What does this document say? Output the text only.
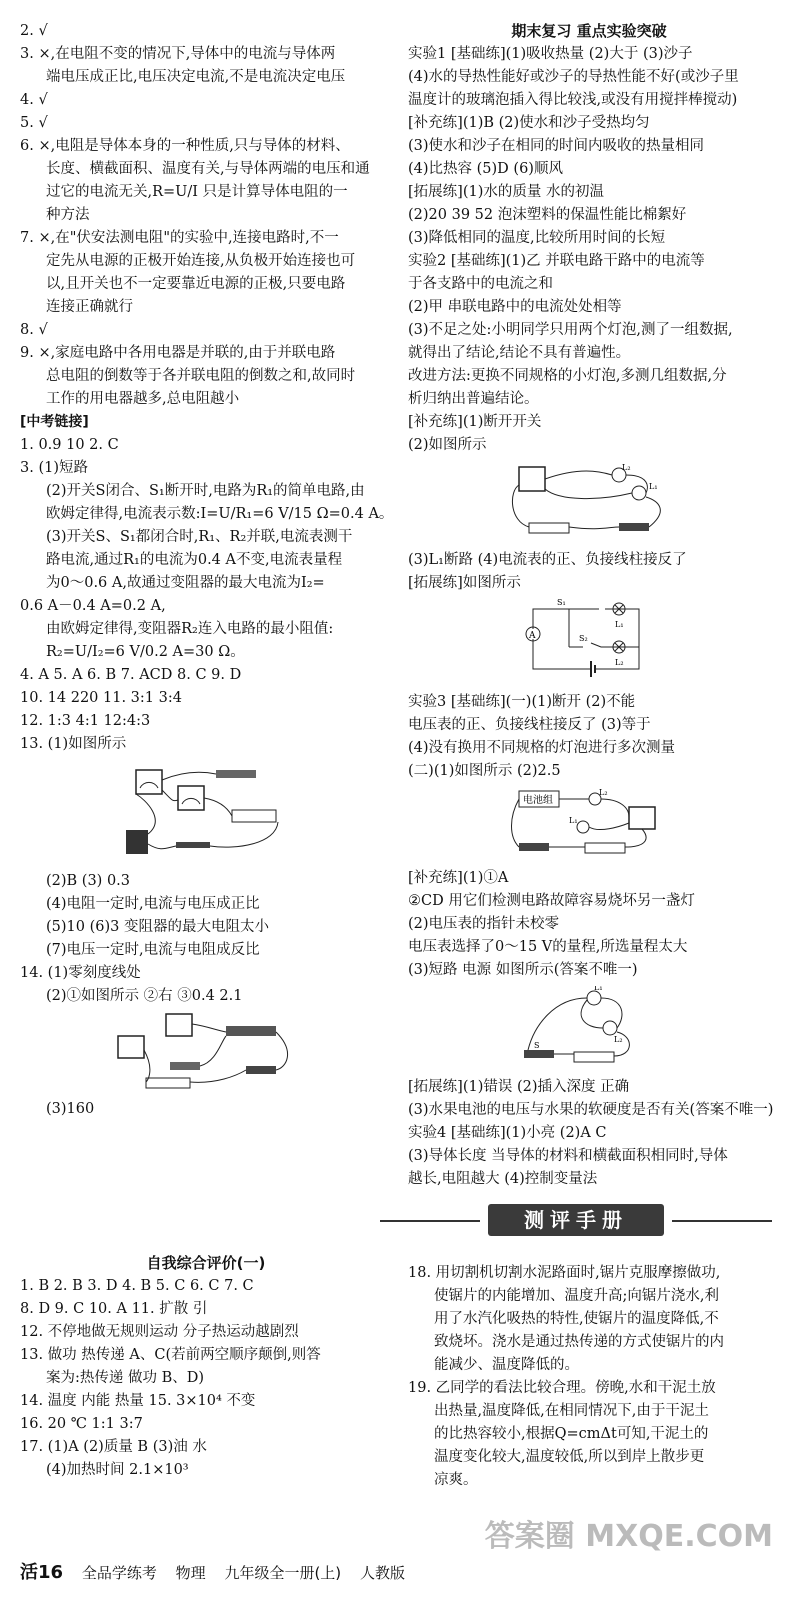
2. √
3. ×,在电阻不变的情况下,导体中的电流与导体两
端电压成正比,电压决定电流,不是电流决定电压
4. √
5. √
6. ×,电阻是导体本身的一种性质,只与导体的材料、
长度、横截面积、温度有关,与导体两端的电压和通
过它的电流无关,R=U/I 只是计算导体电阻的一
种方法
7. ×,在"伏安法测电阻"的实验中,连接电路时,不一
定先从电源的正极开始连接,从负极开始连接也可
以,且开关也不一定要靠近电源的正极,只要电路
连接正确就行
8. √
9. ×,家庭电路中各用电器是并联的,由于并联电路
总电阻的倒数等于各并联电阻的倒数之和,故同时
工作的用电器越多,总电阻越小
[中考链接]
1. 0.9 10 2. C
3. (1)短路
(2)开关S闭合、S₁断开时,电路为R₁的简单电路,由
欧姆定律得,电流表示数:I=U/R₁=6 V/15 Ω=0.4 A。
(3)开关S、S₁都闭合时,R₁、R₂并联,电流表测干
路电流,通过R₁的电流为0.4 A不变,电流表量程
为0～0.6 A,故通过变阻器的最大电流为I₂=
0.6 A－0.4 A=0.2 A,
由欧姆定律得,变阻器R₂连入电路的最小阻值:
R₂=U/I₂=6 V/0.2 A=30 Ω。
4. A 5. A 6. B 7. ACD 8. C 9. D
10. 14 220 11. 3:1 3:4
12. 1:3 4:1 12:4:3
13. (1)如图所示
(2)B (3) 0.3
(4)电阻一定时,电流与电压成正比
(5)10 (6)3 变阻器的最大电阻太小
(7)电压一定时,电流与电阻成反比
14. (1)零刻度线处
(2)①如图所示 ②右 ③0.4 2.1
(3)160
期末复习 重点实验突破
实验1 [基础练](1)吸收热量 (2)大于 (3)沙子
(4)水的导热性能好或沙子的导热性能不好(或沙子里
温度计的玻璃泡插入得比较浅,或没有用搅拌棒搅动)
[补充练](1)B (2)使水和沙子受热均匀
(3)使水和沙子在相同的时间内吸收的热量相同
(4)比热容 (5)D (6)顺风
[拓展练](1)水的质量 水的初温
(2)20 39 52 泡沫塑料的保温性能比棉絮好
(3)降低相同的温度,比较所用时间的长短
实验2 [基础练](1)乙 并联电路干路中的电流等
于各支路中的电流之和
(2)甲 串联电路中的电流处处相等
(3)不足之处:小明同学只用两个灯泡,测了一组数据,
就得出了结论,结论不具有普遍性。
改进方法:更换不同规格的小灯泡,多测几组数据,分
析归纳出普遍结论。
[补充练](1)断开开关
(2)如图所示
L₂
L₁
(3)L₁断路 (4)电流表的正、负接线柱接反了
[拓展练]如图所示
A
S₁
S₂
L₁
L₂
实验3 [基础练](一)(1)断开 (2)不能
电压表的正、负接线柱接反了 (3)等于
(4)没有换用不同规格的灯泡进行多次测量
(二)(1)如图所示 (2)2.5
电池组
L₂
L₁
[补充练](1)①A
②CD 用它们检测电路故障容易烧坏另一盏灯
(2)电压表的指针未校零
电压表选择了0～15 V的量程,所选量程太大
(3)短路 电源 如图所示(答案不唯一)
L₁
L₂
S
[拓展练](1)错误 (2)插入深度 正确
(3)水果电池的电压与水果的软硬度是否有关(答案不唯一)
实验4 [基础练](1)小亮 (2)A C
(3)导体长度 当导体的材料和横截面积相同时,导体
越长,电阻越大 (4)控制变量法
测评手册
自我综合评价(一)
1. B 2. B 3. D 4. B 5. C 6. C 7. C
8. D 9. C 10. A 11. 扩散 引
12. 不停地做无规则运动 分子热运动越剧烈
13. 做功 热传递 A、C(若前两空顺序颠倒,则答
案为:热传递 做功 B、D)
14. 温度 内能 热量 15. 3×10⁴ 不变
16. 20 ℃ 1:1 3:7
17. (1)A (2)质量 B (3)油 水
(4)加热时间 2.1×10³
18. 用切割机切割水泥路面时,锯片克服摩擦做功,
使锯片的内能增加、温度升高;向锯片浇水,利
用了水汽化吸热的特性,使锯片的温度降低,不
致烧坏。浇水是通过热传递的方式使锯片的内
能减少、温度降低的。
19. 乙同学的看法比较合理。傍晚,水和干泥土放
出热量,温度降低,在相同情况下,由于干泥土
的比热容较小,根据Q=cmΔt可知,干泥土的
温度变化较大,温度较低,所以到岸上散步更
凉爽。
活16 全品学练考 物理 九年级全一册(上) 人教版
答案圈 MXQE.COM
